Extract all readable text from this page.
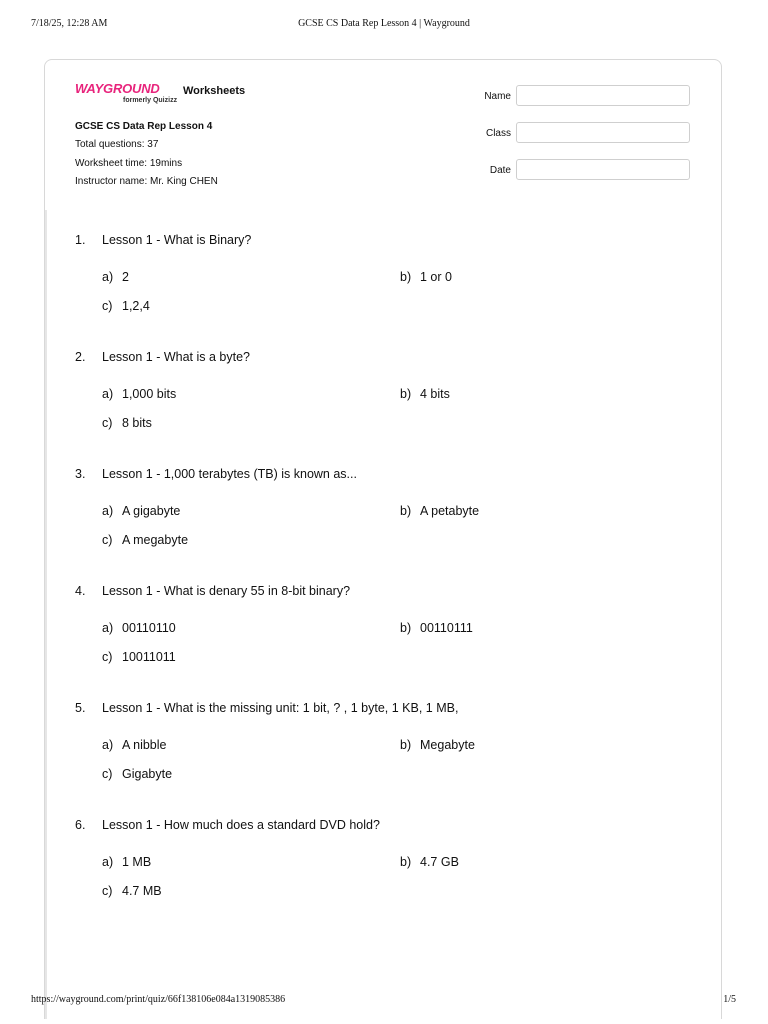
7/18/25, 12:28 AM	GCSE CS Data Rep Lesson 4 | Wayground
WAYGROUND
formerly Quizizz
Worksheets
GCSE CS Data Rep Lesson 4
Total questions: 37
Worksheet time: 19mins
Instructor name: Mr. King CHEN
Name
Class
Date
1.	Lesson 1 - What is Binary?
a) 2	b) 1 or 0
c) 1,2,4
2.	Lesson 1 - What is a byte?
a) 1,000 bits	b) 4 bits
c) 8 bits
3.	Lesson 1 - 1,000 terabytes (TB) is known as...
a) A gigabyte	b) A petabyte
c) A megabyte
4.	Lesson 1 - What is denary 55 in 8-bit binary?
a) 00110110	b) 00110111
c) 10011011
5.	Lesson 1 - What is the missing unit: 1 bit, ? , 1 byte, 1 KB, 1 MB,
a) A nibble	b) Megabyte
c) Gigabyte
6.	Lesson 1 - How much does a standard DVD hold?
a) 1 MB	b) 4.7 GB
c) 4.7 MB
https://wayground.com/print/quiz/66f138106e084a1319085386	1/5
